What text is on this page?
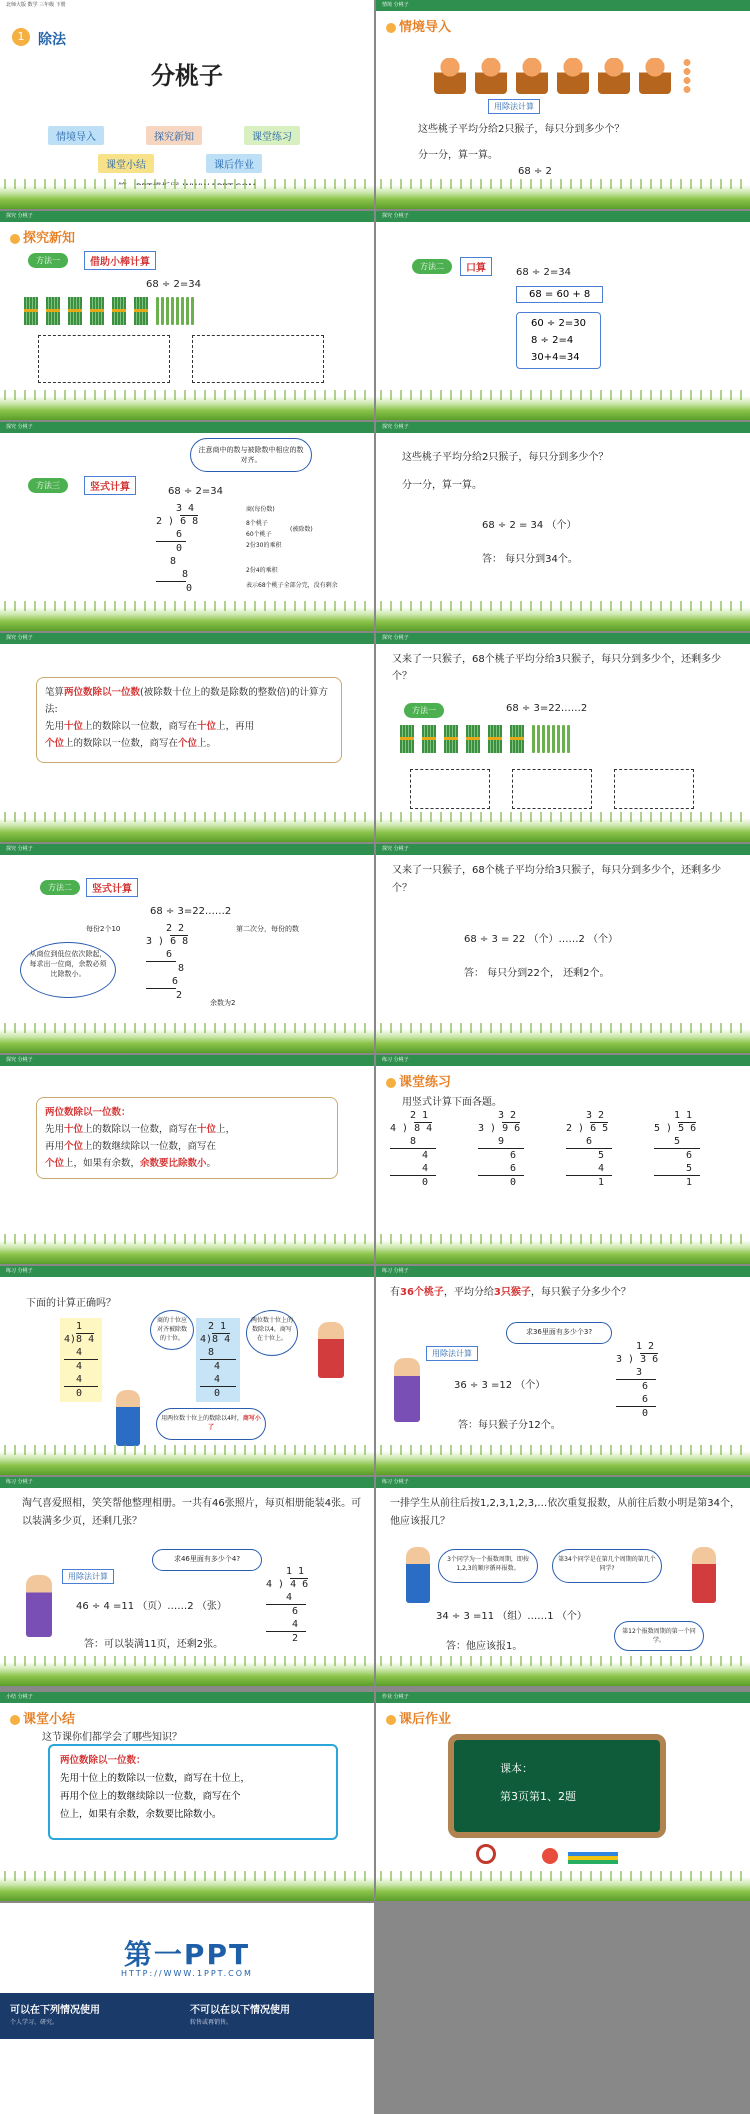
北师大版 数学 三年级 下册
1 除法
分桃子
情境导入	探究新知	课堂练习
课堂小结	课后作业
情境 分桃子
情境导入
用除法计算
这些桃子平均分给2只猴子，每只分到多少个？
分一分，算一算。
68 ÷ 2
探究 分桃子
探究新知
方法一	借助小棒计算
68 ÷ 2=34
探究 分桃子
方法二	口算	68 ÷ 2=34
68 = 60 + 8
60 ÷ 2=30
8 ÷ 2=4
30+4=34
探究 分桃子
方法三	竖式计算
注意商中的数与被除数中相应的数对齐。
68 ÷ 2=34
3 4
2 ) 6 8
6
0 8
8
0
商(每份数)
8个桃子
(被除数)
60个桃子
2份30的乘积
2份4的乘积
表示68个桃子全部分完，没有剩余
探究 分桃子
这些桃子平均分给2只猴子，每只分到多少个？
分一分，算一算。
68 ÷ 2 = 34 （个）
答： 每只分到34个。
探究 分桃子
笔算两位数除以一位数(被除数十位上的数是除数的整数倍)的计算方法:
先用十位上的数除以一位数，商写在十位上，再用
个位上的数除以一位数，商写在个位上。
探究 分桃子
又来了一只猴子，68个桃子平均分给3只猴子，每只分到多少个，还剩多少个？
方法一	68 ÷ 3=22……2
探究 分桃子
方法二	竖式计算
68 ÷ 3=22……2
每份2个10	第二次分，每份的数
2 2
3 ) 6 8
6
8
6
2
余数为2
从商位到低位依次除起，每求出一位商，余数必须比除数小。
探究 分桃子
又来了一只猴子，68个桃子平均分给3只猴子，每只分到多少个，还剩多少个？
68 ÷ 3 = 22 （个）……2 （个）
答： 每只分到22个， 还剩2个。
探究 分桃子
两位数除以一位数：
先用十位上的数除以一位数，商写在十位上，
再用个位上的数继续除以一位数，商写在
个位上，如果有余数，余数要比除数小。
练习 分桃子
课堂练习
用竖式计算下面各题。
2 1
4 ) 8 4
8
4
4
0
3 2
3 ) 9 6
9
6
6
0
3 2
2 ) 6 5
6
5
4
1
1 1
5 ) 5 6
5
6
5
1
练习 分桃子
下面的计算正确吗？
1
4)8 4
4
4
4
0
2 1
4)8 4
8
4
4
0
商的十位应对齐被除数的十位。
两位数十位上的数除以4，商写在十位上。
用两位数十位上的数除以4时，商写小了
练习 分桃子
有36个桃子，平均分给3只猴子，每只猴子分多少个？
用除法计算
求36里面有多少个3?
36 ÷ 3 =12 （个）
答：每只猴子分12个。
1 2
3 ) 3 6
3
6
6
0
练习 分桃子
淘气喜爱照相，笑笑帮他整理相册。一共有46张照片，每页相册能装4张。可以装满多少页，还剩几张？
用除法计算
求46里面有多少个4?
46 ÷ 4 =11 （页）……2 （张）
答：可以装满11页，还剩2张。
1 1
4 ) 4 6
4
6
4
2
练习 分桃子
一排学生从前往后按1,2,3,1,2,3,…依次重复报数，从前往后数小明是第34个，他应该报几？
3个同学为一个报数周期，即按1,2,3的顺序循环报数。
第34个同学是在第几个周期的第几个同学?
第12个报数周期的第一个同学。
34 ÷ 3 =11 （组）……1 （个）
答：他应该报1。
小结 分桃子
课堂小结
这节课你们都学会了哪些知识？
两位数除以一位数：
先用十位上的数除以一位数，商写在十位上，
再用个位上的数继续除以一位数，商写在个
位上，如果有余数，余数要比除数小。
作业 分桃子
课后作业
课本：
第3页第1、2题
第一PPT
HTTP://WWW.1PPT.COM
可以在下列情况使用	不可以在以下情况使用
个人学习、研究。	转售或再销售。
